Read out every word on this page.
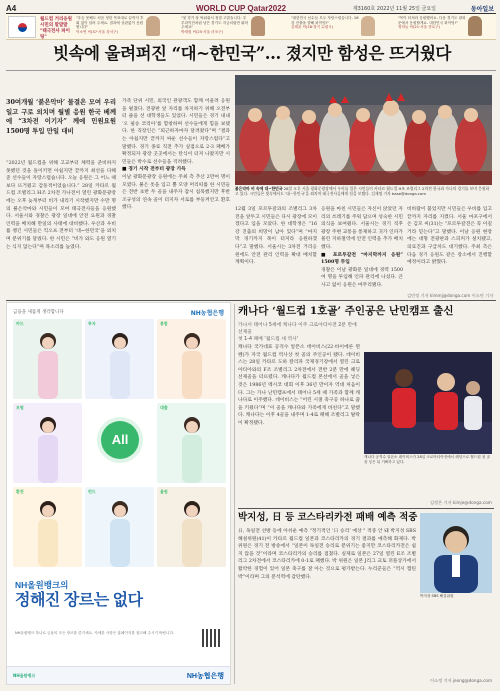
A4	WORLD CUP Qatar2022	제3160호 2022년 11월 25일 금요일	동아일보
월드컵 거리응원 시민의 말말말 "태극전사 파이팅"
"우승 못해도 처음 정한 목표대로 끝까지 후회 없이 달려 주세요. 결과에 상관없이 응원합니다"
이소연 씨(37·서울 강서구)
"첫 경기 잘 싸워줘서 정말 고맙습니다. 우루과이전처럼 남은 경기도 지금처럼만 뛰어주세요"
박재원 씨(25·서울 마포구)
"대한민국 선수들 모두 자랑스럽습니다. 16강 진출을 향해 파이팅!"
김태윤 씨(28·경기 수원시)
"목이 터져라 응원했어요. 다음 경기도 광화문에서 응원할게요. 대한민국 화이팅!"
정하늘 씨(21·서울 종로구)
빗속에 울려퍼진 “대~한민국”… 졌지만 함성은 뜨거웠다
30여개월 ‘붉은악마’ 물결은 모여 우리 일고 구로 외치며 월별 응원 한국 베께에 “3차전 이기자” 께에 민원요원 1500명 투입 만일 대비
“2022년 월드컵을 위해 고교부터 체력을 준비하지 못했던 것을 돌이키면 아쉽지만 끝까지 최선을 다해준 선수들이 자랑스럽습니다. 오늘 응원은 그 어느 때보다 뜨거웠고 감동적이었습니다.” 28일 카타르 월드컵 조별리그 H조 2차전 가나전이 열린 광화문광장에는 오후 늦게부터 비가 내리기 시작했지만 수만 명의 붉은악마와 시민들이 모여 태극전사들을 응원했다. 서울시와 경찰은 광장 일대에 안전 요원과 경찰 인력을 배치해 만일의 사태에 대비했다. 우산과 우비를 챙긴 시민들은 킥오프 전부터 ‘대~한민국’을 외치며 분위기를 달궜다. 한 시민은 “비가 와도 응원 열기는 식지 않는다”며 목소리를 높였다.
가족 단위 시민, 외국인 관광객도 함께 어울려 응원을 펼쳤다. 전광판 앞 자리를 차지하기 위해 오전부터 줄을 선 대학생들도 있었다. 시민들은 경기 내내 ‘오 필승 코리아’를 합창하며 선수들에게 힘을 보탰다. 한 직장인은 “퇴근하자마자 달려왔다”며 “결과는 아쉽지만 끝까지 싸운 선수들이 자랑스럽다”고 말했다. 경기 종료 직전 추가 실점으로 2-3 패배가 확정되자 광장 곳곳에서는 탄식이 터져 나왔지만 시민들은 박수로 선수들을 격려했다.
■ 경기 시작 전부터 광장 가득
이날 광화문광장 응원에는 주최 측 추산 2만여 명이 모였다. 붉은 옷을 입고 뿔 모양 머리띠를 한 시민들은 전반 초반 두 골을 내주자 잠시 침묵했지만 후반 조규성의 연속 골이 터지자 서로를 부둥켜안고 환호했다.
붉은악마 비 속에 대~한민국 28일 오후 서울 광화문광장에서 우비를 입은 시민들이 카타르 월드컵 H조 조별리그 2차전 한국과 가나의 경기를 보며 응원하고 있다. 시민들은 빗속에서도 ‘대~한민국’을 외치며 태극전사들에게 힘을 보탰다. 김재명 기자 base@donga.com
12월 3일 포르투갈과의 조별리그 3차전을 앞두고 시민들은 다시 광장에 모이겠다고 입을 모았다. 한 대학생은 “16강 진출의 희망이 남아 있다”며 “마지막 경기까지 목이 터져라 응원하겠다”고 말했다. 서울시는 3차전 거리응원에도 안전 관리 인력을 확대 배치할 계획이다.
응원을 마친 시민들은 자신이 앉았던 자리의 쓰레기를 주워 담으며 성숙한 시민의식을 보여줬다. 서울시는 경기 직후 광장 주변 교통을 통제하고 귀가 인파가 몰린 지하철역에 안전 인력을 추가 배치했다.
■ 포르투갈전 “마지막까지 응원” 1500명 투입
경찰은 이날 광화문 일대에 경력 1500여 명을 투입해 인파 관리에 나섰다. 큰 사고 없이 응원은 마무리됐다.
비바람이 불었지만 시민들은 우비를 입고 끝까지 자리를 지켰다. 서울 마포구에서 온 김모 씨(31)는 “포르투갈전은 꼭 이길 거라 믿는다”고 말했다. 이날 응원 현장에는 대형 전광판과 스피커가 설치됐고, 의료진과 구급차도 대기했다. 주최 측은 다음 경기 응원도 같은 장소에서 진행할 예정이라고 밝혔다.
김민정 기자 kimmj@donga.com 이소연 기자
금융을 새롭게 생각합니다	NH농협은행
카드	투자	통합
보험
All
대출
환전	펀드	올원
NH올원뱅크의
정해진 장르는 없다
NH올원뱅크 하나로 금융의 모든 장르를 즐기세요. 자세한 사항은 홈페이지를 참고해 주시기 바랍니다.
NH올원뱅크	NH농협은행
캐나다 ‘월드컵 1호골’ 주인공은 난민캠프 출신
가나서 태어나 5세에 캐나다 이주 크로아티아전 2분 만에 선제골
첫 1-4 패배 ‘월드컵 새 역사’
캐나다 국가대표 공격수 알폰소 데이비스(22·바이에른 뮌헨)가 자국 월드컵 역사상 첫 골의 주인공이 됐다. 데이비스는 28일 카타르 도하 칼리파 국제경기장에서 열린 크로아티아와의 F조 조별리그 2차전에서 전반 2분 만에 헤딩 선제골을 터뜨렸다. 캐나다가 월드컵 본선에서 골을 넣은 것은 1986년 멕시코 대회 이후 36년 만이자 역대 처음이다. 그는 가나 난민캠프에서 태어나 5세 때 가족과 함께 캐나다로 이주했다. 데이비스는 “어린 시절 축구공 하나로 꿈을 키웠다”며 “이 골을 캐나다와 가족에게 바친다”고 말했다. 캐나다는 이후 4골을 내주며 1-4로 패해 조별리그 탈락이 확정됐다.
캐나다 공격수 알폰소 데이비스가 28일 크로아티아전에서 헤딩으로 월드컵 첫 골을 넣은 뒤 기뻐하고 있다.
김정은 기자 kimje@donga.com
박지성, 日 등 코스타리카전 패배 예측 적중
日, 독일전 선방 등에 아쉬운 예측 "정기적인 ‘日 승리’ 예상 " 적중 안 돼 박지성 SBS 해설위원(41)이 카타르 월드컵 일본과 코스타리카의 경기 결과를 예측해 화제다. 박 위원은 경기 전 방송에서 “일본이 독일전 승리로 분위기는 좋지만 코스타리카전은 쉽지 않을 것”이라며 코스타리카의 승리를 점쳤다. 실제로 일본은 27일 열린 E조 조별리그 2차전에서 코스타리카에 0-1로 패했다. 박 위원은 일본 J리그 교토 퍼플상가에서 활약한 경험이 있어 일본 축구를 잘 아는 것으로 평가받는다. 누리꾼들은 “역시 캡틴 박”이라며 그의 분석력에 감탄했다.
박지성 SBS 해설위원
이소정 기자 jeong@donga.com
